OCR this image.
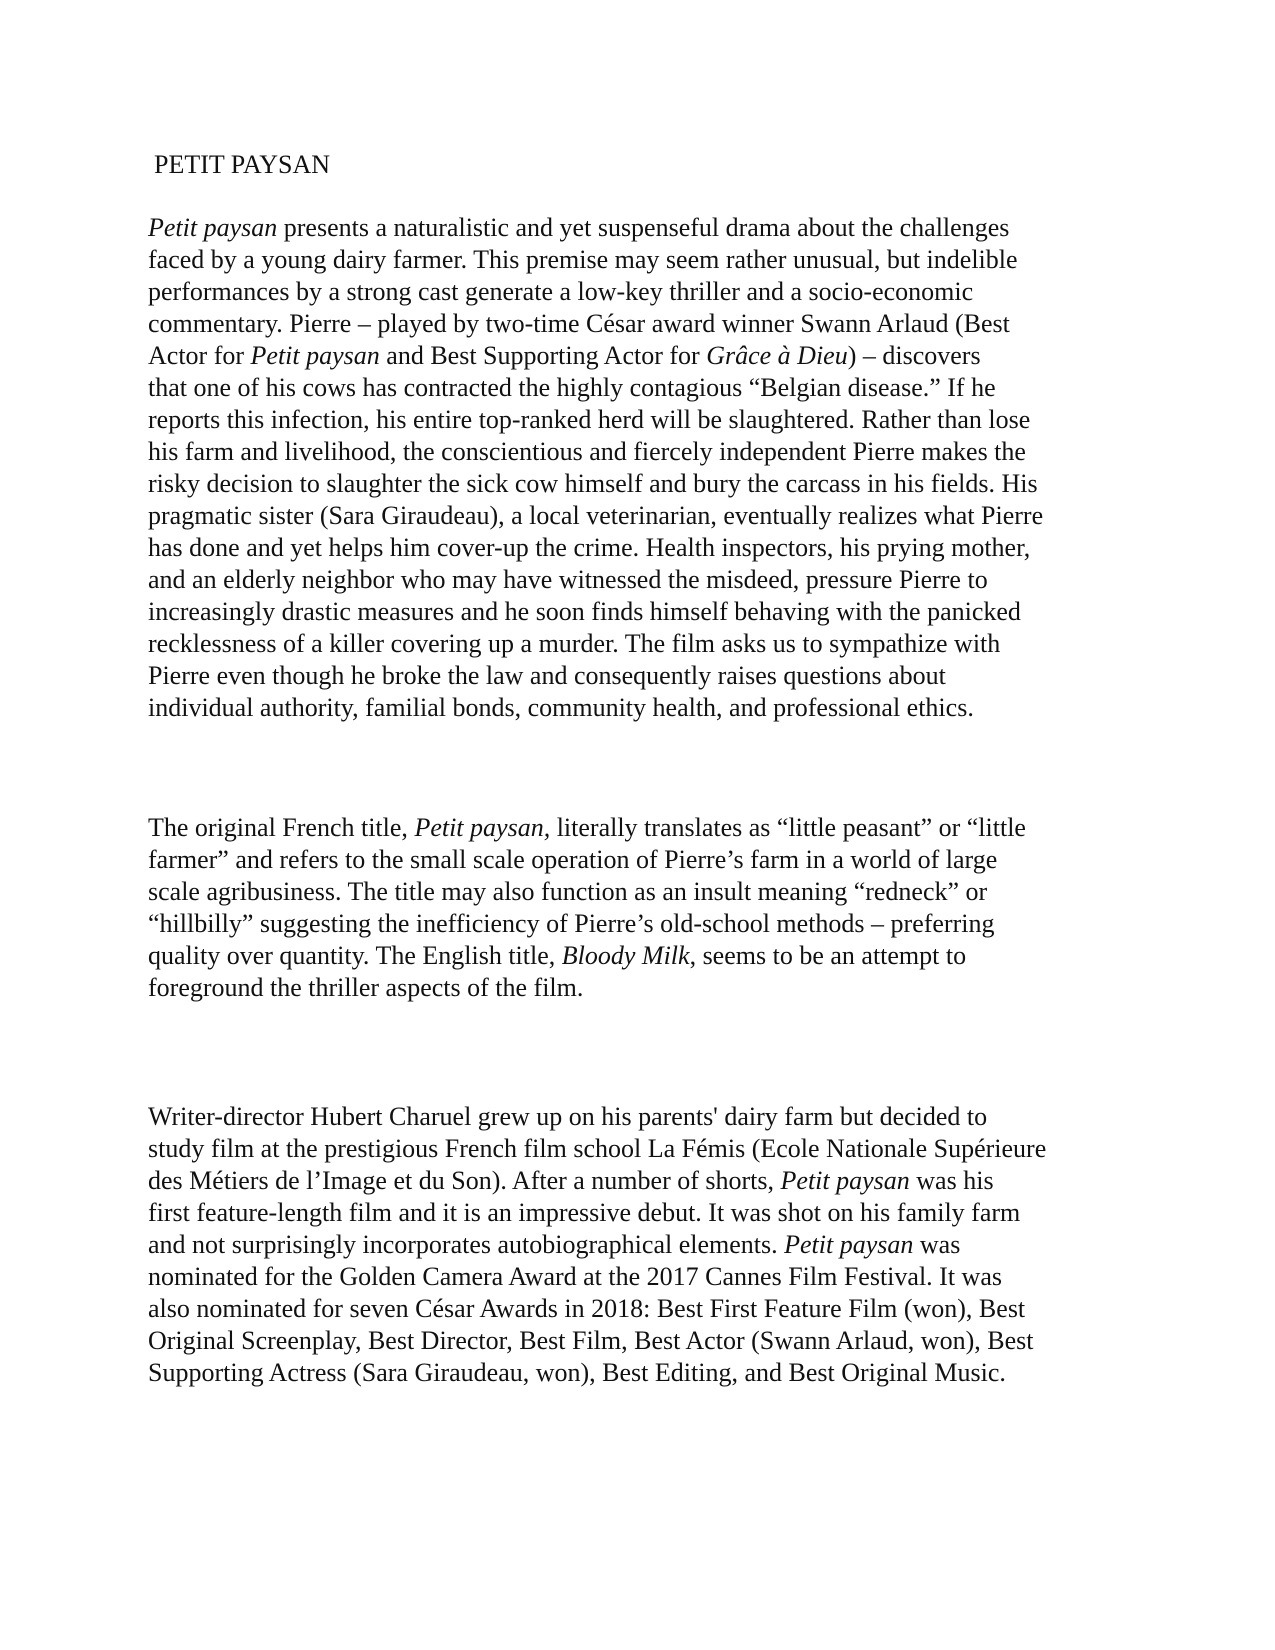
PETIT PAYSAN

Petit paysan presents a naturalistic and yet suspenseful drama about the challenges
faced by a young dairy farmer. This premise may seem rather unusual, but indelible
performances by a strong cast generate a low-key thriller and a socio-economic
commentary. Pierre – played by two-time César award winner Swann Arlaud (Best
Actor for Petit paysan and Best Supporting Actor for Grâce à Dieu) – discovers
that one of his cows has contracted the highly contagious “Belgian disease.” If he
reports this infection, his entire top-ranked herd will be slaughtered. Rather than lose
his farm and livelihood, the conscientious and fiercely independent Pierre makes the
risky decision to slaughter the sick cow himself and bury the carcass in his fields. His
pragmatic sister (Sara Giraudeau), a local veterinarian, eventually realizes what Pierre
has done and yet helps him cover-up the crime. Health inspectors, his prying mother,
and an elderly neighbor who may have witnessed the misdeed, pressure Pierre to
increasingly drastic measures and he soon finds himself behaving with the panicked
recklessness of a killer covering up a murder. The film asks us to sympathize with
Pierre even though he broke the law and consequently raises questions about
individual authority, familial bonds, community health, and professional ethics.

The original French title, Petit paysan, literally translates as “little peasant” or “little
farmer” and refers to the small scale operation of Pierre’s farm in a world of large
scale agribusiness. The title may also function as an insult meaning “redneck” or
“hillbilly” suggesting the inefficiency of Pierre’s old-school methods – preferring
quality over quantity. The English title, Bloody Milk, seems to be an attempt to
foreground the thriller aspects of the film.

Writer-director Hubert Charuel grew up on his parents' dairy farm but decided to
study film at the prestigious French film school La Fémis (Ecole Nationale Supérieure
des Métiers de l’Image et du Son). After a number of shorts, Petit paysan was his
first feature-length film and it is an impressive debut. It was shot on his family farm
and not surprisingly incorporates autobiographical elements. Petit paysan was
nominated for the Golden Camera Award at the 2017 Cannes Film Festival. It was
also nominated for seven César Awards in 2018: Best First Feature Film (won), Best
Original Screenplay, Best Director, Best Film, Best Actor (Swann Arlaud, won), Best
Supporting Actress (Sara Giraudeau, won), Best Editing, and Best Original Music.
